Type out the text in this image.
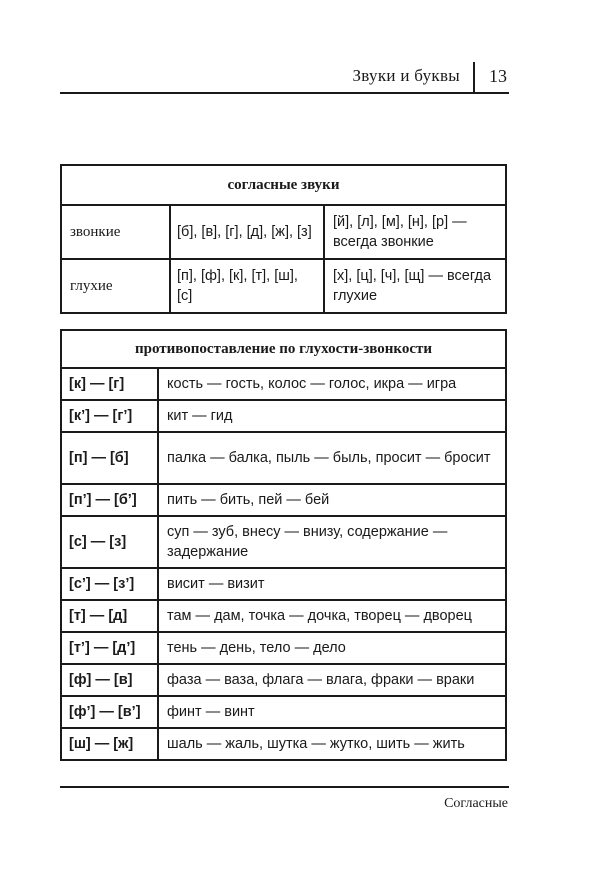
Звуки и буквы 13
согласные звуки		
звонкие	[б], [в], [г], [д], [ж], [з]	[й], [л], [м], [н], [р] — всегда звонкие
глухие	[п], [ф], [к], [т], [ш], [с]	[х], [ц], [ч], [щ] — всегда глухие
противопоставление по глухости-звонкости	
[к] — [г]	кость — гость, колос — голос, икра — игра
[к’] — [г’]	кит — гид
[п] — [б]	палка — балка, пыль — быль, просит — бросит
[п’] — [б’]	пить — бить, пей — бей
[с] — [з]	суп — зуб, внесу — внизу, содержание — задержание
[с’] — [з’]	висит — визит
[т] — [д]	там — дам, точка — дочка, творец — дворец
[т’] — [д’]	тень — день, тело — дело
[ф] — [в]	фаза — ваза, флага — влага, фраки — враки
[ф’] — [в’]	финт — винт
[ш] — [ж]	шаль — жаль, шутка — жутко, шить — жить
Согласные
